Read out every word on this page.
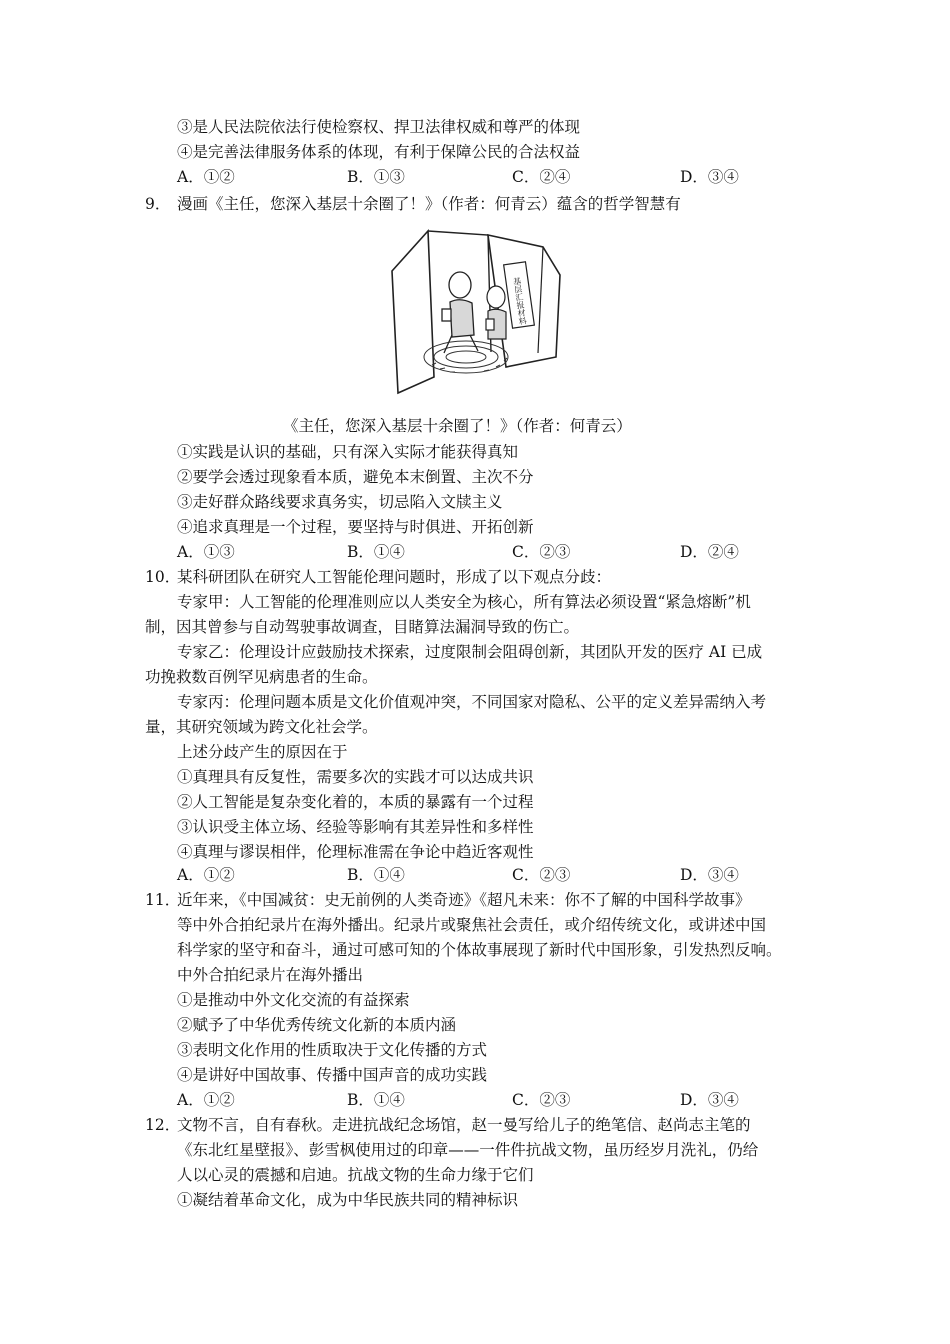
③是人民法院依法行使检察权、捍卫法律权威和尊严的体现
④是完善法律服务体系的体现，有利于保障公民的合法权益
A．①②	B．①③	C．②④	D．③④
9． 漫画《主任，您深入基层十余圈了！》（作者：何青云）蕴含的哲学智慧有
基层汇报材料
《主任，您深入基层十余圈了！》（作者：何青云）
①实践是认识的基础，只有深入实际才能获得真知
②要学会透过现象看本质，避免本末倒置、主次不分
③走好群众路线要求真务实，切忌陷入文牍主义
④追求真理是一个过程，要坚持与时俱进、开拓创新
A．①③	B．①④	C．②③	D．②④
10．
某科研团队在研究人工智能伦理问题时，形成了以下观点分歧：
专家甲：人工智能的伦理准则应以人类安全为核心，所有算法必须设置“紧急熔断”机
制，因其曾参与自动驾驶事故调查，目睹算法漏洞导致的伤亡。
专家乙：伦理设计应鼓励技术探索，过度限制会阻碍创新，其团队开发的医疗 AI 已成
功挽救数百例罕见病患者的生命。
专家丙：伦理问题本质是文化价值观冲突，不同国家对隐私、公平的定义差异需纳入考
量，其研究领域为跨文化社会学。
上述分歧产生的原因在于
①真理具有反复性，需要多次的实践才可以达成共识
②人工智能是复杂变化着的，本质的暴露有一个过程
③认识受主体立场、经验等影响有其差异性和多样性
④真理与谬误相伴，伦理标准需在争论中趋近客观性
A．①②	B．①④	C．②③	D．③④
11．
近年来，《中国减贫：史无前例的人类奇迹》《超凡未来：你不了解的中国科学故事》
等中外合拍纪录片在海外播出。纪录片或聚焦社会责任，或介绍传统文化，或讲述中国
科学家的坚守和奋斗，通过可感可知的个体故事展现了新时代中国形象，引发热烈反响。
中外合拍纪录片在海外播出
①是推动中外文化交流的有益探索
②赋予了中华优秀传统文化新的本质内涵
③表明文化作用的性质取决于文化传播的方式
④是讲好中国故事、传播中国声音的成功实践
A．①②	B．①④	C．②③	D．③④
12．
文物不言，自有春秋。走进抗战纪念场馆，赵一曼写给儿子的绝笔信、赵尚志主笔的
《东北红星壁报》、彭雪枫使用过的印章——一件件抗战文物，虽历经岁月洗礼，仍给
人以心灵的震撼和启迪。抗战文物的生命力缘于它们
①凝结着革命文化，成为中华民族共同的精神标识
